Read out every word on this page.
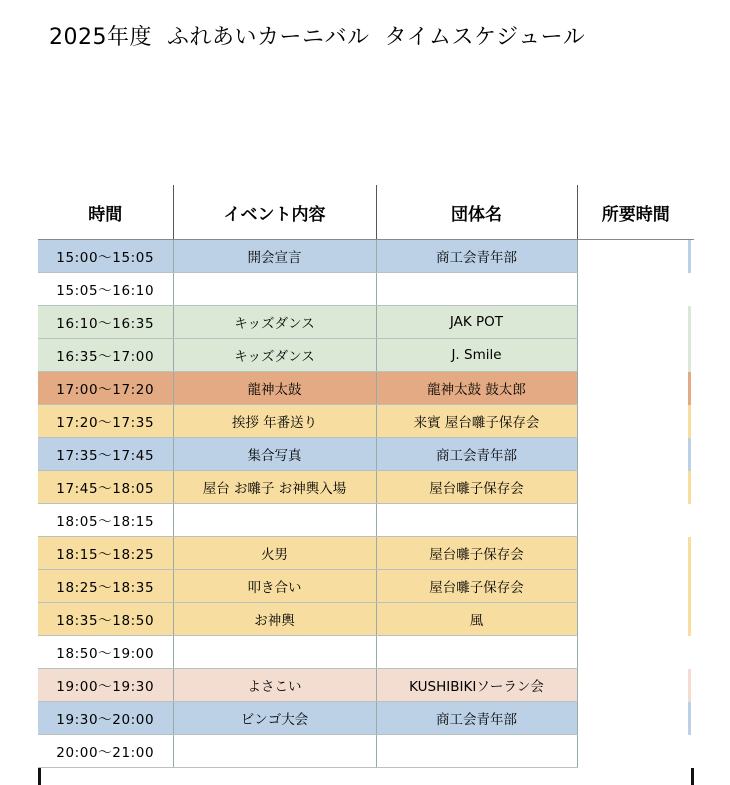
2025年度  ふれあいカーニバル  タイムスケジュール
時間	イベント内容	団体名	所要時間
15:00〜15:05	開会宣言	商工会青年部	
15:05〜16:10			
16:10〜16:35	キッズダンス	JAK POT	
16:35〜17:00	キッズダンス	J. Smile	
17:00〜17:20	龍神太鼓	龍神太鼓 鼓太郎	
17:20〜17:35	挨拶 年番送り	来賓 屋台囃子保存会	
17:35〜17:45	集合写真	商工会青年部	
17:45〜18:05	屋台 お囃子 お神輿入場	屋台囃子保存会	
18:05〜18:15			
18:15〜18:25	火男	屋台囃子保存会	
18:25〜18:35	叩き合い	屋台囃子保存会	
18:35〜18:50	お神輿	風	
18:50〜19:00			
19:00〜19:30	よさこい	KUSHIBIKIソーラン会	
19:30〜20:00	ビンゴ大会	商工会青年部	
20:00〜21:00			
